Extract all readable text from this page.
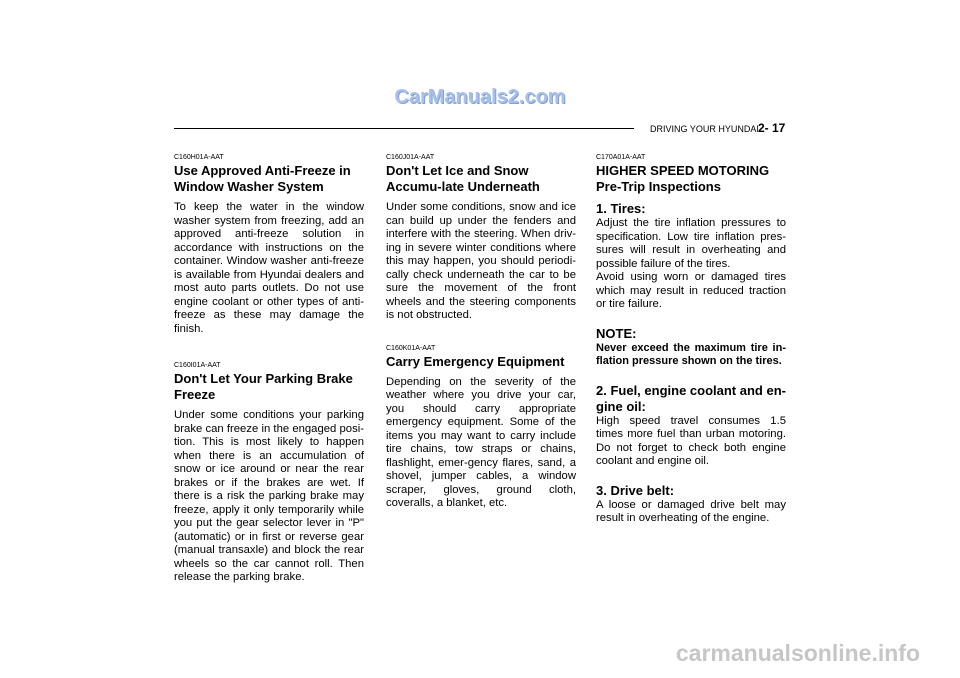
CarManuals2.com
DRIVING YOUR HYUNDAI 2- 17

C160H01A-AAT

Use Approved Anti-Freeze in Window Washer System

To keep the water in the window washer system from freezing, add an approved anti-freeze solution in accordance with instructions on the container. Window washer anti-freeze is available from Hyundai dealers and most auto parts outlets. Do not use engine coolant or other types of anti-freeze as these may damage the finish.

C160I01A-AAT

Don't Let Your Parking Brake Freeze

Under some conditions your parking brake can freeze in the engaged posi-tion. This is most likely to happen when there is an accumulation of snow or ice around or near the rear brakes or if the brakes are wet. If there is a risk the parking brake may freeze, apply it only temporarily while you put the gear selector lever in "P" (automatic) or in first or reverse gear (manual transaxle) and block the rear wheels so the car cannot roll. Then release the parking brake.

C160J01A-AAT

Don't Let Ice and Snow Accumu-late Underneath

Under some conditions, snow and ice can build up under the fenders and interfere with the steering. When driv-ing in severe winter conditions where this may happen, you should periodi-cally check underneath the car to be sure the movement of the front wheels and the steering components is not obstructed.

C160K01A-AAT

Carry Emergency Equipment

Depending on the severity of the weather where you drive your car, you should carry appropriate emergency equipment. Some of the items you may want to carry include tire chains, tow straps or chains, flashlight, emer-gency flares, sand, a shovel, jumper cables, a window scraper, gloves, ground cloth, coveralls, a blanket, etc.

C170A01A-AAT

HIGHER SPEED MOTORING Pre-Trip Inspections

1. Tires:

Adjust the tire inflation pressures to specification. Low tire inflation pres-sures will result in overheating and possible failure of the tires.

Avoid using worn or damaged tires which may result in reduced traction or tire failure.

NOTE:

Never exceed the maximum tire in-flation pressure shown on the tires.

2. Fuel, engine coolant and en-gine oil:

High speed travel consumes 1.5 times more fuel than urban motoring. Do not forget to check both engine coolant and engine oil.

3. Drive belt:

A loose or damaged drive belt may result in overheating of the engine.

carmanualsonline.info
